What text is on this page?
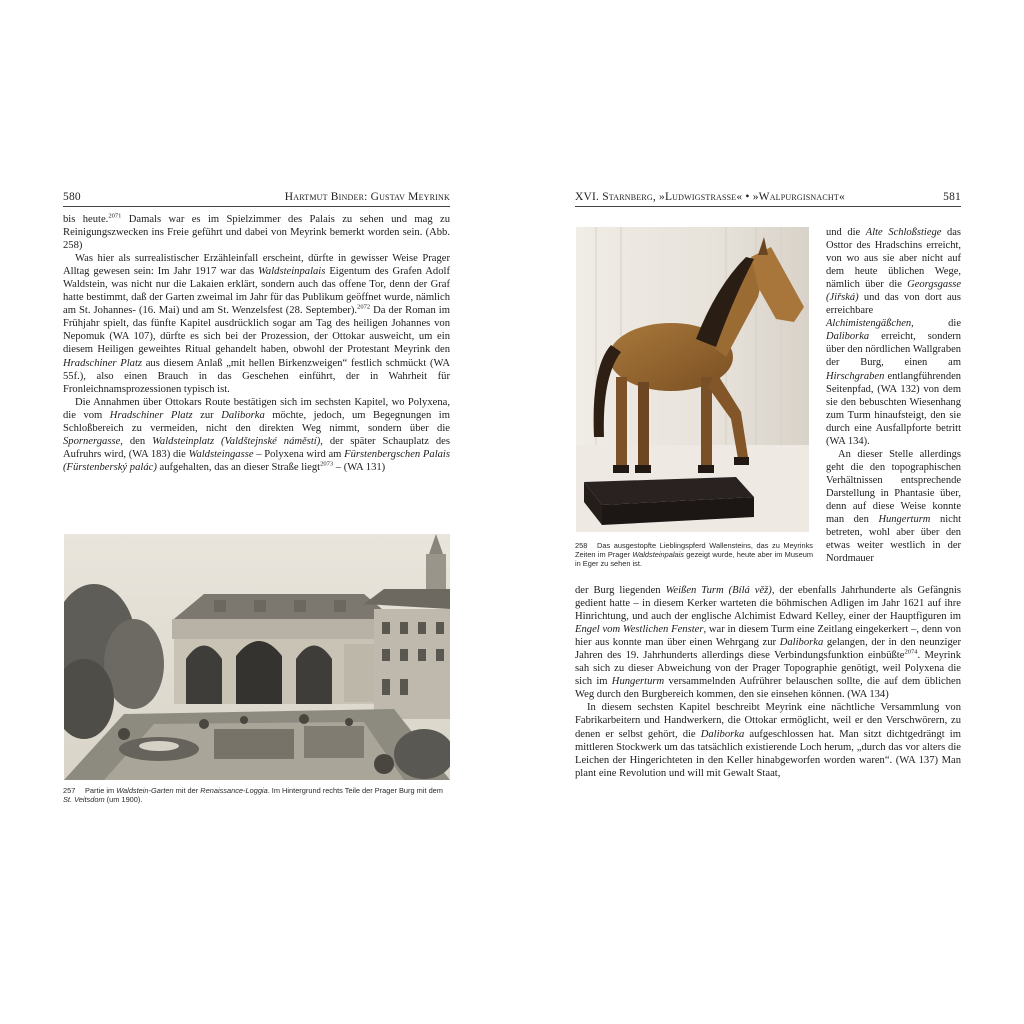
580	Hartmut Binder: Gustav Meyrink

bis heute.$^{2071}$ Damals war es im Spielzimmer des Palais zu sehen und mag zu Reinigungszwecken ins Freie geführt und dabei von Meyrink bemerkt worden sein. (Abb. 258)

Was hier als surrealistischer Erzähleinfall erscheint, dürfte in gewisser Weise Prager Alltag gewesen sein: Im Jahr 1917 war das Waldsteinpalais Eigentum des Grafen Adolf Waldstein, was nicht nur die Lakaien erklärt, sondern auch das offene Tor, denn der Graf hatte bestimmt, daß der Garten zweimal im Jahr für das Publikum geöffnet wurde, nämlich am St. Johannes- (16. Mai) und am St. Wenzelsfest (28. September).$^{2072}$ Da der Roman im Frühjahr spielt, das fünfte Kapitel ausdrücklich sogar am Tag des heiligen Johannes von Nepomuk (WA 107), dürfte es sich bei der Prozession, der Ottokar ausweicht, um ein diesem Heiligen geweihtes Ritual gehandelt haben, obwohl der Protestant Meyrink den Hradschiner Platz aus diesem Anlaß „mit hellen Birkenzweigen“ festlich schmückt (WA 55f.), also einen Brauch in das Geschehen einführt, der in Wahrheit für Fronleichnamsprozessionen typisch ist.

Die Annahmen über Ottokars Route bestätigen sich im sechsten Kapitel, wo Polyxena, die vom Hradschiner Platz zur Daliborka möchte, jedoch, um Begegnungen im Schloßbereich zu vermeiden, nicht den direkten Weg nimmt, sondern über die Spornergasse, den Waldsteinplatz (Valdštejnské náměstí), der später Schauplatz des Aufruhrs wird, (WA 183) die Waldsteingasse – Polyxena wird am Fürstenbergschen Palais (Fürstenberský palác) aufgehalten, das an dieser Straße liegt$^{2073}$ – (WA 131)

257 Partie im Waldstein-Garten mit der Renaissance-Loggia. Im Hintergrund rechts Teile der Prager Burg mit dem St. Veitsdom (um 1900).
XVI. Starnberg, »Ludwigstrasse« • »Walpurgisnacht«	581
258 Das ausgestopfte Lieblingspferd Wallensteins, das zu Meyrinks Zeiten im Prager Waldsteinpalais gezeigt wurde, heute aber im Museum in Eger zu sehen ist.

und die Alte Schloßstiege das Osttor des Hradschins erreicht, von wo aus sie aber nicht auf dem heute üblichen Wege, nämlich über die Georgsgasse (Jiřská) und das von dort aus erreichbare Alchimistengäßchen, die Daliborka erreicht, sondern über den nördlichen Wallgraben der Burg, einen am Hirschgraben entlangführenden Seitenpfad, (WA 132) von dem sie den bebuschten Wiesenhang zum Turm hinaufsteigt, den sie durch eine Ausfallpforte betritt (WA 134).

An dieser Stelle allerdings geht die den topographischen Verhältnissen entsprechende Darstellung in Phantasie über, denn auf diese Weise konnte man den Hungerturm nicht betreten, wohl aber über den etwas weiter westlich in der Nordmauer

der Burg liegenden Weißen Turm (Bílá věž), der ebenfalls Jahrhunderte als Gefängnis gedient hatte – in diesem Kerker warteten die böhmischen Adligen im Jahr 1621 auf ihre Hinrichtung, und auch der englische Alchimist Edward Kelley, einer der Hauptfiguren im Engel vom Westlichen Fenster, war in diesem Turm eine Zeitlang eingekerkert –, denn von hier aus konnte man über einen Wehrgang zur Daliborka gelangen, der in den neunziger Jahren des 19. Jahrhunderts allerdings diese Verbindungsfunktion einbüßte$^{2074}$. Meyrink sah sich zu dieser Abweichung von der Prager Topographie genötigt, weil Polyxena die sich im Hungerturm versammelnden Aufrührer belauschen sollte, die auf dem üblichen Weg durch den Burgbereich kommen, den sie einsehen können. (WA 134)

In diesem sechsten Kapitel beschreibt Meyrink eine nächtliche Versammlung von Fabrikarbeitern und Handwerkern, die Ottokar ermöglicht, weil er den Verschwörern, zu denen er selbst gehört, die Daliborka aufgeschlossen hat. Man sitzt dichtgedrängt im mittleren Stockwerk um das tatsächlich existierende Loch herum, „durch das vor alters die Leichen der Hingerichteten in den Keller hinabgeworfen worden waren“. (WA 137) Man plant eine Revolution und will mit Gewalt Staat,
